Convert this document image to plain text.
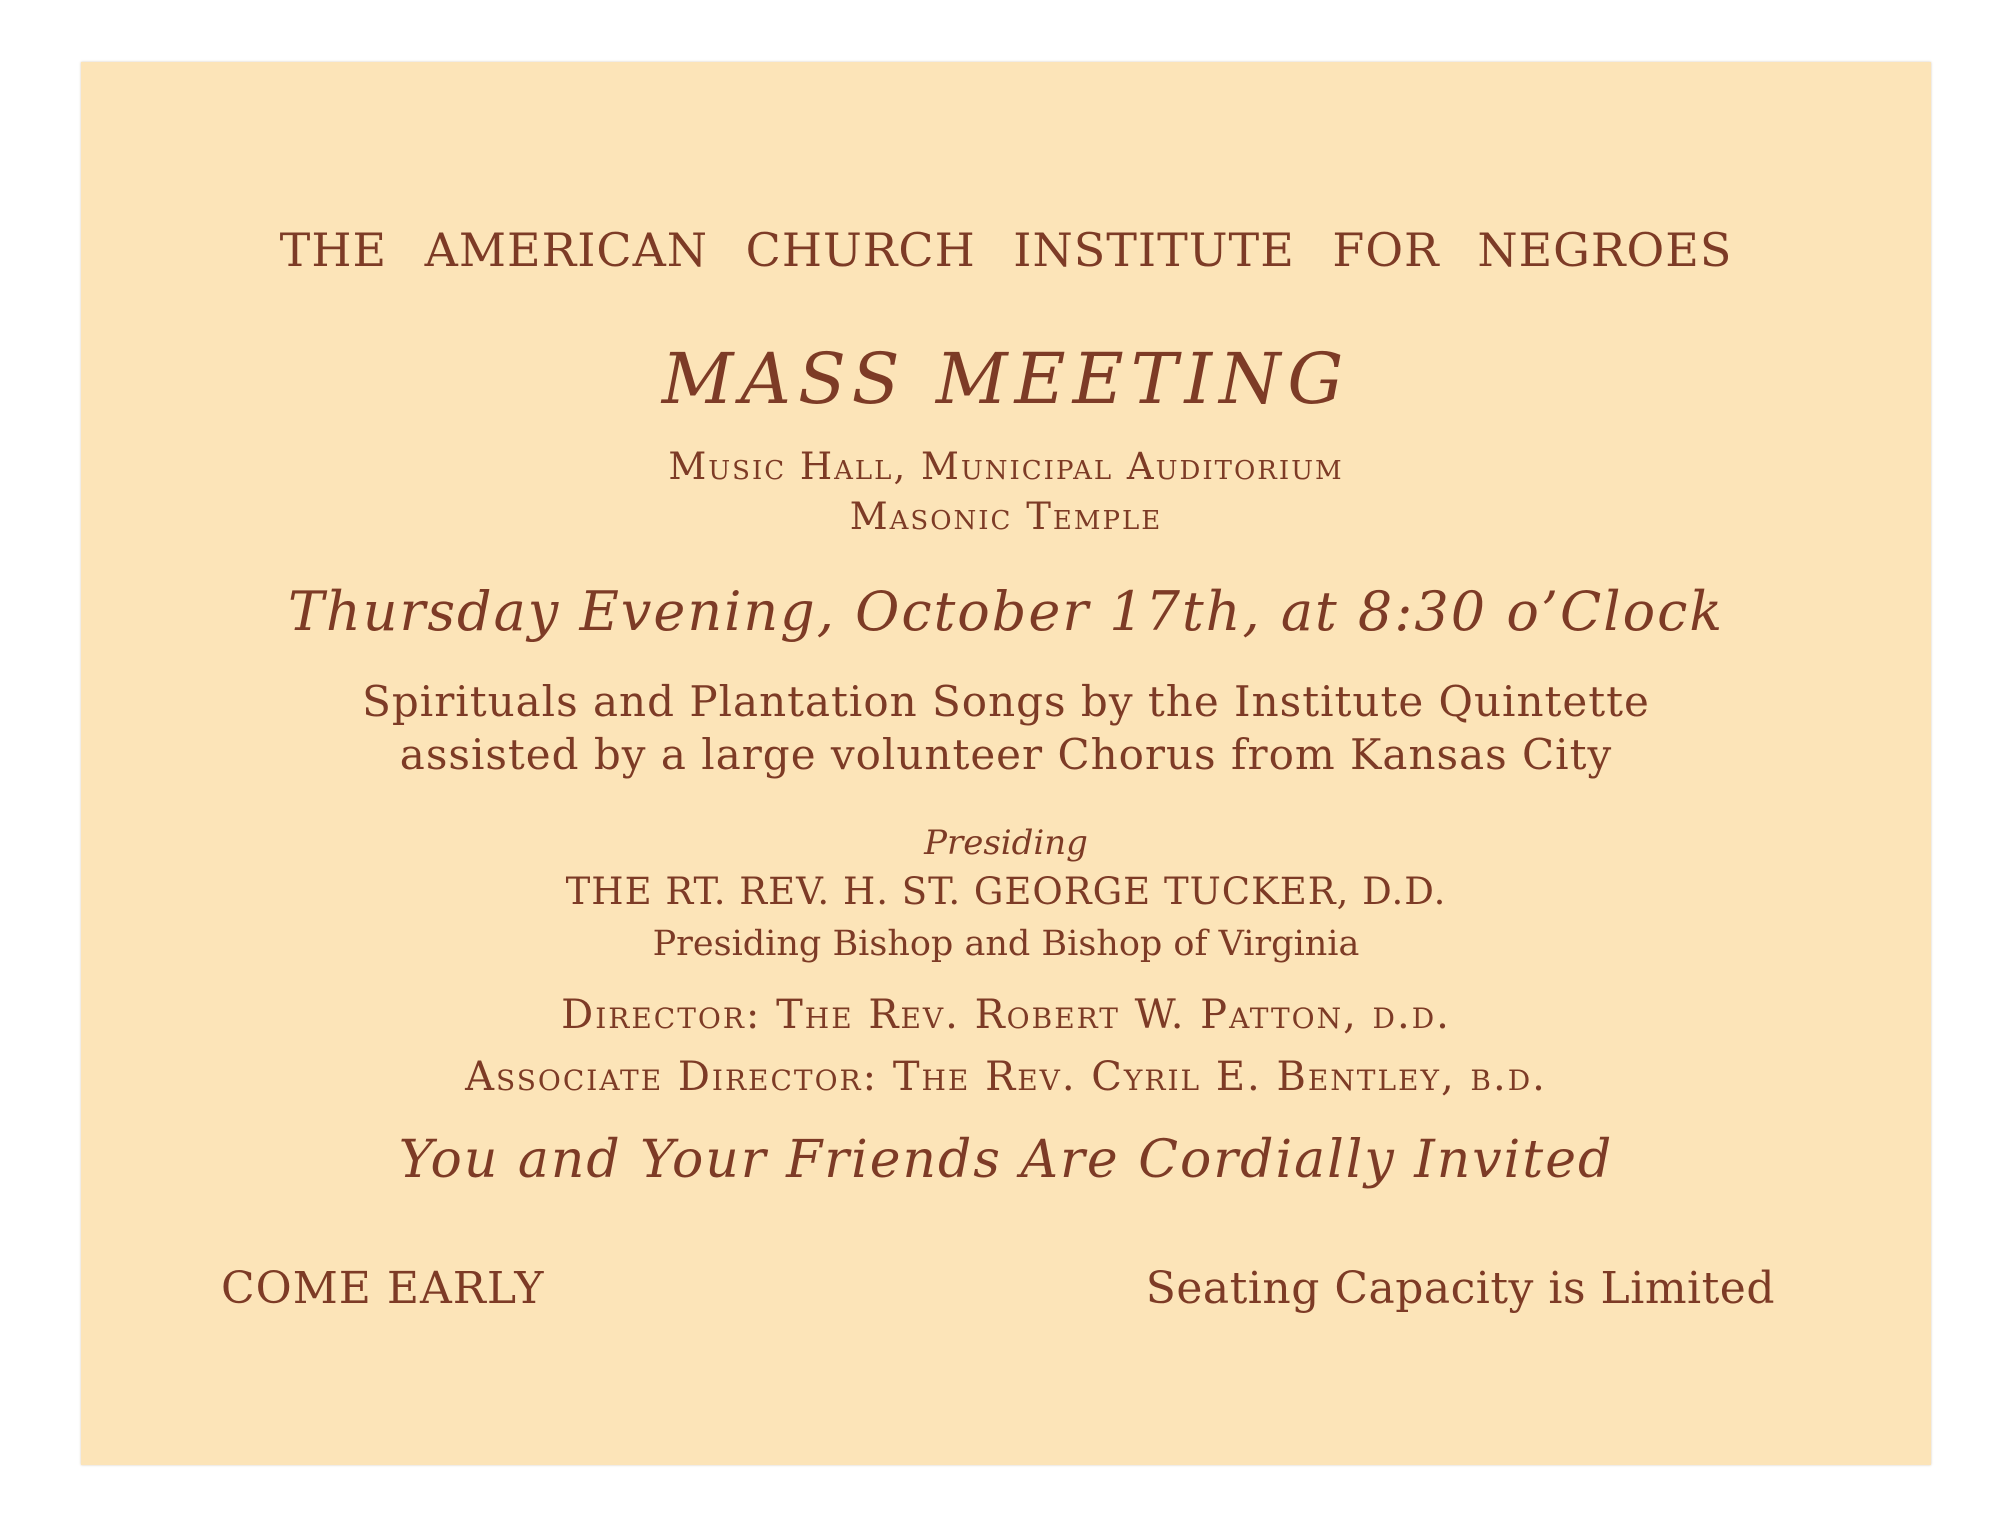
THE AMERICAN CHURCH INSTITUTE FOR NEGROES
MASS MEETING
Music Hall, Municipal Auditorium
Masonic Temple
Thursday Evening, October 17th, at 8:30 o’Clock
Spirituals and Plantation Songs by the Institute Quintette
assisted by a large volunteer Chorus from Kansas City
Presiding
THE RT. REV. H. ST. GEORGE TUCKER, D.D.
Presiding Bishop and Bishop of Virginia
Director: The Rev. Robert W. Patton, d.d.
Associate Director: The Rev. Cyril E. Bentley, b.d.
You and Your Friends Are Cordially Invited
COME EARLY	Seating Capacity is Limited
